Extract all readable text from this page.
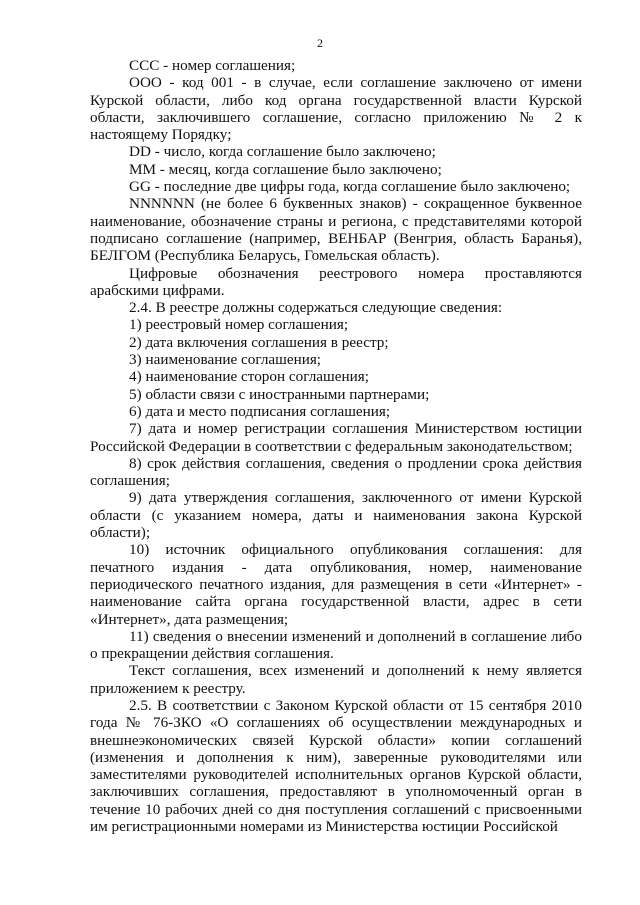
2

CCC - номер соглашения;

ООО - код 001 - в случае, если соглашение заключено от имени Курской области, либо код органа государственной власти Курской области, заключившего соглашение, согласно приложению № 2 к настоящему Порядку;

DD - число, когда соглашение было заключено;

ММ - месяц, когда соглашение было заключено;

GG - последние две цифры года, когда соглашение было заключено;

NNNNNN (не более 6 буквенных знаков) - сокращенное буквенное наименование, обозначение страны и региона, с представителями которой подписано соглашение (например, ВЕНБАР (Венгрия, область Баранья), БЕЛГОМ (Республика Беларусь, Гомельская область).

Цифровые обозначения реестрового номера проставляются арабскими цифрами.

2.4. В реестре должны содержаться следующие сведения:

1) реестровый номер соглашения;

2) дата включения соглашения в реестр;

3) наименование соглашения;

4) наименование сторон соглашения;

5) области связи с иностранными партнерами;

6) дата и место подписания соглашения;

7) дата и номер регистрации соглашения Министерством юстиции Российской Федерации в соответствии с федеральным законодательством;

8) срок действия соглашения, сведения о продлении срока действия соглашения;

9) дата утверждения соглашения, заключенного от имени Курской области (с указанием номера, даты и наименования закона Курской области);

10) источник официального опубликования соглашения: для печатного издания - дата опубликования, номер, наименование периодического печатного издания, для размещения в сети «Интернет» - наименование сайта органа государственной власти, адрес в сети «Интернет», дата размещения;

11) сведения о внесении изменений и дополнений в соглашение либо о прекращении действия соглашения.

Текст соглашения, всех изменений и дополнений к нему является приложением к реестру.

2.5. В соответствии с Законом Курской области от 15 сентября 2010 года № 76-ЗКО «О соглашениях об осуществлении международных и внешнеэкономических связей Курской области» копии соглашений (изменения и дополнения к ним), заверенные руководителями или заместителями руководителей исполнительных органов Курской области, заключивших соглашения, предоставляют в уполномоченный орган в течение 10 рабочих дней со дня поступления соглашений с присвоенными им регистрационными номерами из Министерства юстиции Российской
